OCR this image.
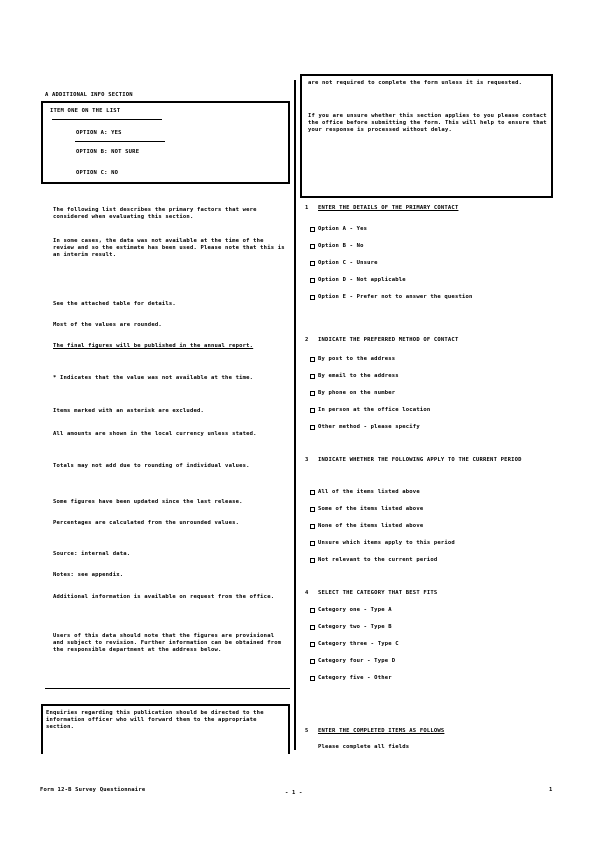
A ADDITIONAL INFO SECTION
ITEM ONE ON THE LIST
OPTION A: YES
OPTION B: NOT SURE
OPTION C: NO
The following list describes the primary factors that were considered when evaluating this section.
In some cases, the data was not available at the time of the review and so the estimate has been used. Please note that this is an interim result.
See the attached table for details.
Most of the values are rounded.
The final figures will be published in the annual report.
* Indicates that the value was not available at the time.
Items marked with an asterisk are excluded.
All amounts are shown in the local currency unless stated.
Totals may not add due to rounding of individual values.
Some figures have been updated since the last release.
Percentages are calculated from the unrounded values.
Source: internal data.
Notes: see appendix.
Additional information is available on request from the office.
Users of this data should note that the figures are provisional and subject to revision. Further information can be obtained from the responsible department at the address below.
Enquiries regarding this publication should be directed to the information officer who will forward them to the appropriate section.
are not required to complete the form unless it is requested.
If you are unsure whether this section applies to you please contact the office before submitting the form. This will help to ensure that your response is processed without delay.
1 ENTER THE DETAILS OF THE PRIMARY CONTACT
Option A - Yes
Option B - No
Option C - Unsure
Option D - Not applicable
Option E - Prefer not to answer the question
2 INDICATE THE PREFERRED METHOD OF CONTACT
By post to the address
By email to the address
By phone on the number
In person at the office location
Other method - please specify
3 INDICATE WHETHER THE FOLLOWING APPLY TO THE CURRENT PERIOD
All of the items listed above
Some of the items listed above
None of the items listed above
Unsure which items apply to this period
Not relevant to the current period
4 SELECT THE CATEGORY THAT BEST FITS
Category one - Type A
Category two - Type B
Category three - Type C
Category four - Type D
Category five - Other
5 ENTER THE COMPLETED ITEMS AS FOLLOWS
Please complete all fields
Form 12-B Survey Questionnaire	- 1 -	1
